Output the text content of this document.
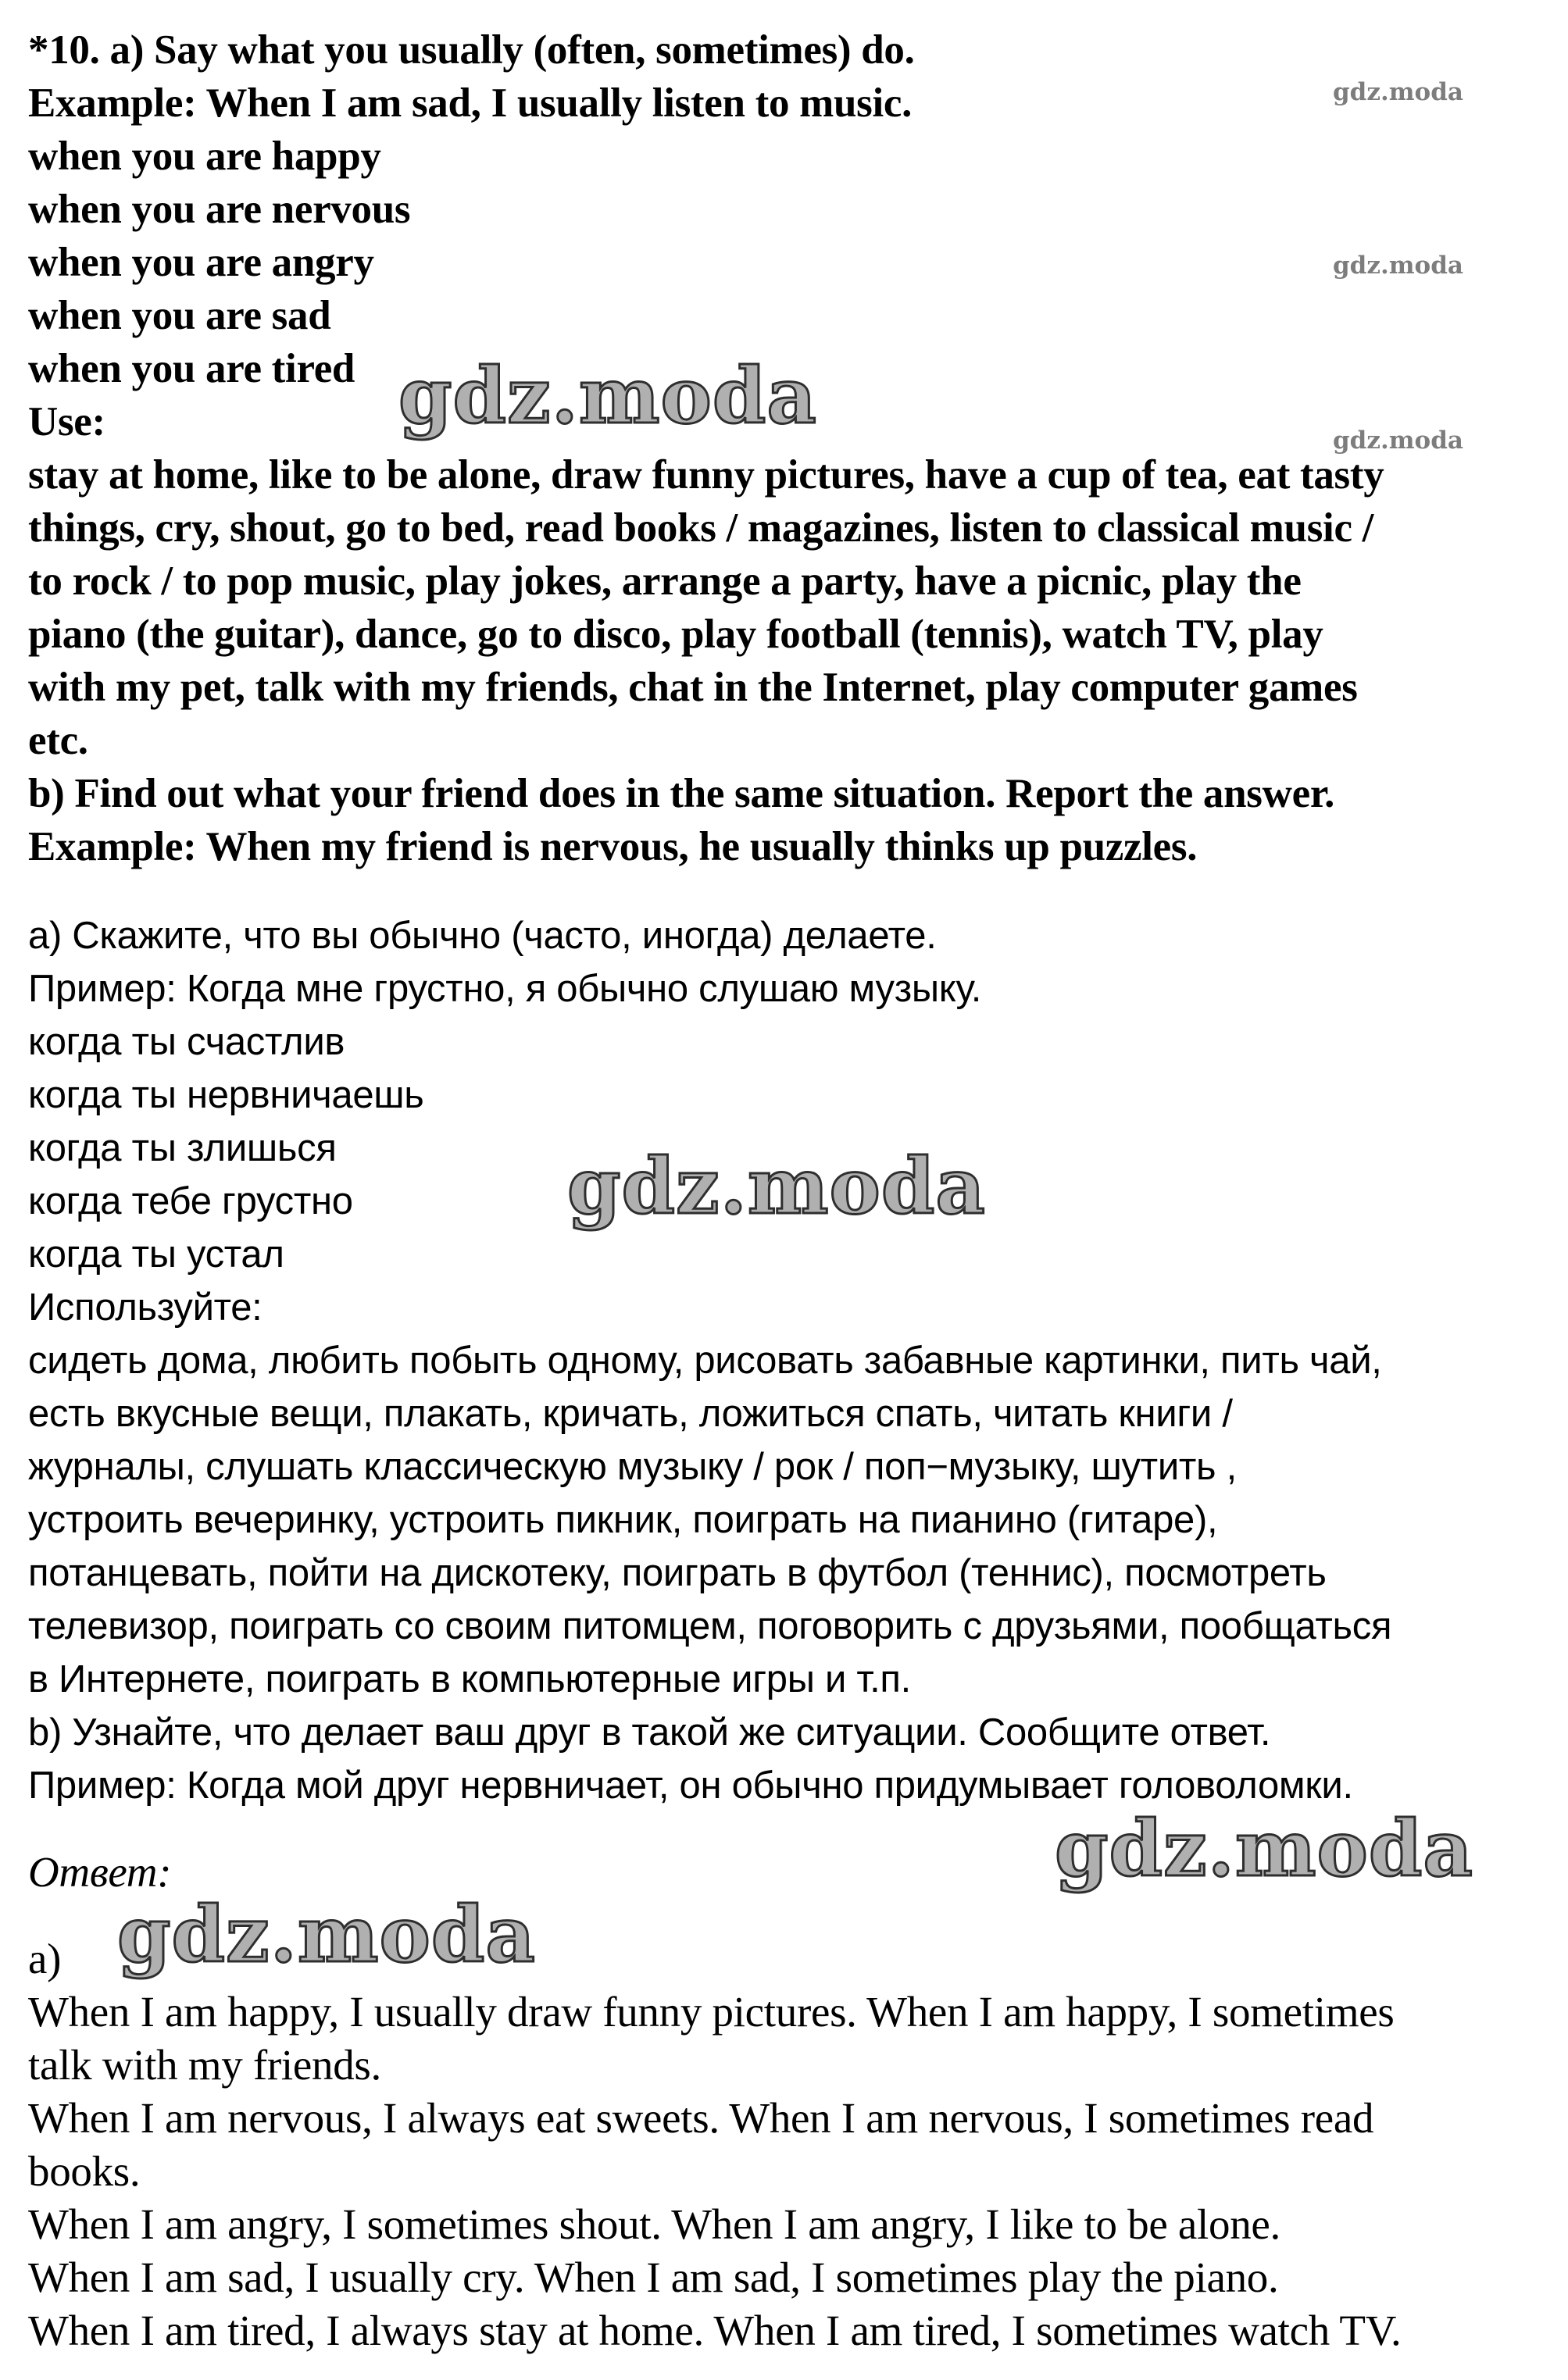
*10. a) Say what you usually (often, sometimes) do.

Example: When I am sad, I usually listen to music.

when you are happy

when you are nervous

when you are angry

when you are sad

when you are tired

Use:

stay at home, like to be alone, draw funny pictures, have a cup of tea, eat tasty

things, cry, shout, go to bed, read books / magazines, listen to classical music /

to rock / to pop music, play jokes, arrange a party, have a picnic, play the

piano (the guitar), dance, go to disco, play football (tennis), watch TV, play

with my pet, talk with my friends, chat in the Internet, play computer games

etc.

b) Find out what your friend does in the same situation. Report the answer.

Example: When my friend is nervous, he usually thinks up puzzles.

a) Скажите, что вы обычно (часто, иногда) делаете.

Пример: Когда мне грустно, я обычно слушаю музыку.

когда ты счастлив

когда ты нервничаешь

когда ты злишься

когда тебе грустно

когда ты устал

Используйте:

сидеть дома, любить побыть одному, рисовать забавные картинки, пить чай,

есть вкусные вещи, плакать, кричать, ложиться спать, читать книги /

журналы, слушать классическую музыку / рок / поп−музыку, шутить ,

устроить вечеринку, устроить пикник, поиграть на пианино (гитаре),

потанцевать, пойти на дискотеку, поиграть в футбол (теннис), посмотреть

телевизор, поиграть со своим питомцем, поговорить с друзьями, пообщаться

в Интернете, поиграть в компьютерные игры и т.п.

b) Узнайте, что делает ваш друг в такой же ситуации. Сообщите ответ.

Пример: Когда мой друг нервничает, он обычно придумывает головоломки.

Ответ:

a)

When I am happy, I usually draw funny pictures. When I am happy, I sometimes

talk with my friends.

When I am nervous, I always eat sweets. When I am nervous, I sometimes read

books.

When I am angry, I sometimes shout. When I am angry, I like to be alone.

When I am sad, I usually cry. When I am sad, I sometimes play the piano.

When I am tired, I always stay at home. When I am tired, I sometimes watch TV.

gdz.moda

gdz.moda

gdz.moda

gdz.moda

gdz.moda

gdz.moda

gdz.moda
